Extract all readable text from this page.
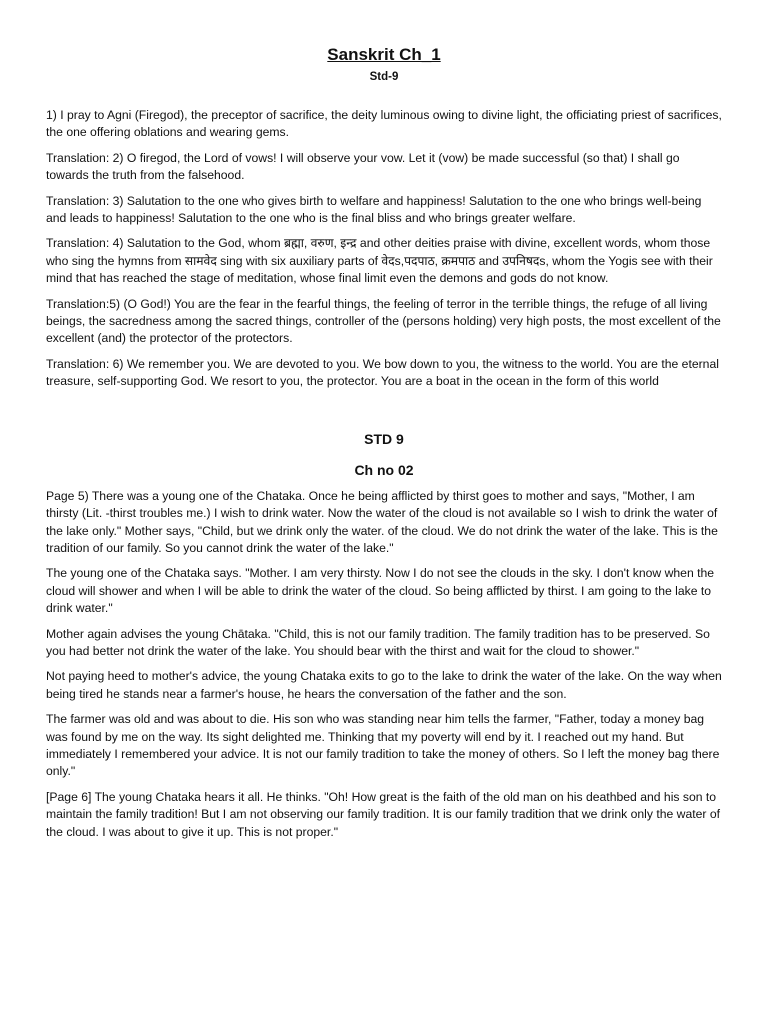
Sanskrit Ch_1
Std-9

1) I pray to Agni (Firegod), the preceptor of sacrifice, the deity luminous owing to divine light, the officiating priest of sacrifices, the one offering oblations and wearing gems.

Translation: 2) O firegod, the Lord of vows! I will observe your vow. Let it (vow) be made successful (so that) I shall go towards the truth from the falsehood.

Translation: 3) Salutation to the one who gives birth to welfare and happiness! Salutation to the one who brings well-being and leads to happiness! Salutation to the one who is the final bliss and who brings greater welfare.

Translation: 4) Salutation to the God, whom ब्रह्मा, वरुण, इन्द्र and other deities praise with divine, excellent words, whom those who sing the hymns from सामवेद sing with six auxiliary parts of वेदs,पदपाठ, क्रमपाठ and उपनिषदs, whom the Yogis see with their mind that has reached the stage of meditation, whose final limit even the demons and gods do not know.

Translation:5) (O God!) You are the fear in the fearful things, the feeling of terror in the terrible things, the refuge of all living beings, the sacredness among the sacred things, controller of the (persons holding) very high posts, the most excellent of the excellent (and) the protector of the protectors.

Translation: 6) We remember you. We are devoted to you. We bow down to you, the witness to the world. You are the eternal treasure, self-supporting God. We resort to you, the protector. You are a boat in the ocean in the form of this world

STD 9
Ch no 02

Page 5) There was a young one of the Chataka. Once he being afflicted by thirst goes to mother and says, "Mother, I am thirsty (Lit. -thirst troubles me.) I wish to drink water. Now the water of the cloud is not available so I wish to drink the water of the lake only." Mother says, "Child, but we drink only the water. of the cloud. We do not drink the water of the lake. This is the tradition of our family. So you cannot drink the water of the lake."

The young one of the Chataka says. "Mother. I am very thirsty. Now I do not see the clouds in the sky. I don't know when the cloud will shower and when I will be able to drink the water of the cloud. So being afflicted by thirst. I am going to the lake to drink water."

Mother again advises the young Chātaka. "Child, this is not our family tradition. The family tradition has to be preserved. So you had better not drink the water of the lake. You should bear with the thirst and wait for the cloud to shower."

Not paying heed to mother's advice, the young Chataka exits to go to the lake to drink the water of the lake. On the way when being tired he stands near a farmer's house, he hears the conversation of the father and the son.

The farmer was old and was about to die. His son who was standing near him tells the farmer, "Father, today a money bag was found by me on the way. Its sight delighted me. Thinking that my poverty will end by it. I reached out my hand. But immediately I remembered your advice. It is not our family tradition to take the money of others. So I left the money bag there only."

[Page 6] The young Chataka hears it all. He thinks. "Oh! How great is the faith of the old man on his deathbed and his son to maintain the family tradition! But I am not observing our family tradition. It is our family tradition that we drink only the water of the cloud. I was about to give it up. This is not proper."
